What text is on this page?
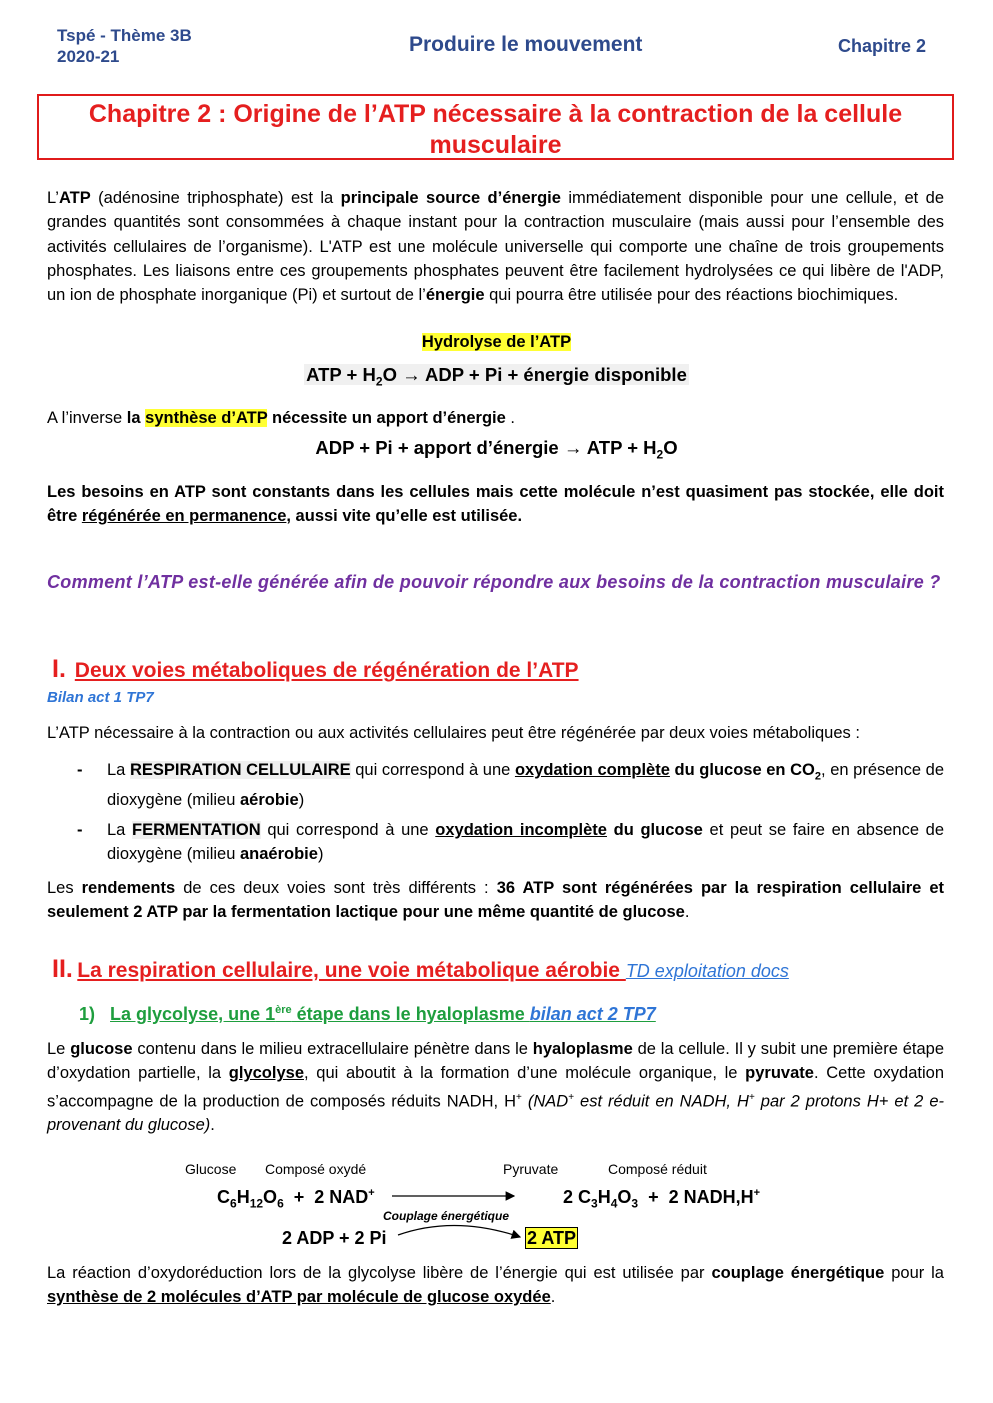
Tspé - Thème 3B
2020-21
Produire le mouvement	Chapitre 2
Chapitre 2 : Origine de l’ATP nécessaire à la contraction de la cellule musculaire
L’ATP (adénosine triphosphate) est la principale source d’énergie immédiatement disponible pour une cellule, et de grandes quantités sont consommées à chaque instant pour la contraction musculaire (mais aussi pour l’ensemble des activités cellulaires de l’organisme). L'ATP est une molécule universelle qui comporte une chaîne de trois groupements phosphates. Les liaisons entre ces groupements phosphates peuvent être facilement hydrolysées ce qui libère de l'ADP, un ion de phosphate inorganique (Pi) et surtout de l’énergie qui pourra être utilisée pour des réactions biochimiques.
Hydrolyse de l’ATP
ATP + $H_2O$ → ADP + Pi + énergie disponible
A l’inverse la synthèse d’ATP nécessite un apport d’énergie .
ADP + Pi + apport d’énergie → ATP + $H_2O$
Les besoins en ATP sont constants dans les cellules mais cette molécule n’est quasiment pas stockée, elle doit être régénérée en permanence, aussi vite qu’elle est utilisée.
Comment l’ATP est-elle générée afin de pouvoir répondre aux besoins de la contraction musculaire ?
I. Deux voies métaboliques de régénération de l’ATP
Bilan act 1 TP7
L’ATP nécessaire à la contraction ou aux activités cellulaires peut être régénérée par deux voies métaboliques :
- La RESPIRATION CELLULAIRE qui correspond à une oxydation complète du glucose en $CO_2$, en présence de dioxygène (milieu aérobie)
- La FERMENTATION qui correspond à une oxydation incomplète du glucose et peut se faire en absence de dioxygène (milieu anaérobie)
Les rendements de ces deux voies sont très différents : 36 ATP sont régénérées par la respiration cellulaire et seulement 2 ATP par la fermentation lactique pour une même quantité de glucose.
II. La respiration cellulaire, une voie métabolique aérobie TD exploitation docs
1) La glycolyse, une 1ère étape dans le hyaloplasme bilan act 2 TP7
Le glucose contenu dans le milieu extracellulaire pénètre dans le hyaloplasme de la cellule. Il y subit une première étape d’oxydation partielle, la glycolyse, qui aboutit à la formation d’une molécule organique, le pyruvate. Cette oxydation s’accompagne de la production de composés réduits NADH, H+ (NAD+ est réduit en NADH, H+ par 2 protons H+ et 2 e- provenant du glucose).
Glucose Composé oxydé	Pyruvate	Composé réduit
$C_6H_{12}O_6 + 2$ NAD+	2 $C_3H_4O_3 + 2$ NADH,H+
Couplage énergétique
2 ADP + 2 Pi	2 ATP
La réaction d’oxydoréduction lors de la glycolyse libère de l’énergie qui est utilisée par couplage énergétique pour la synthèse de 2 molécules d’ATP par molécule de glucose oxydée.
